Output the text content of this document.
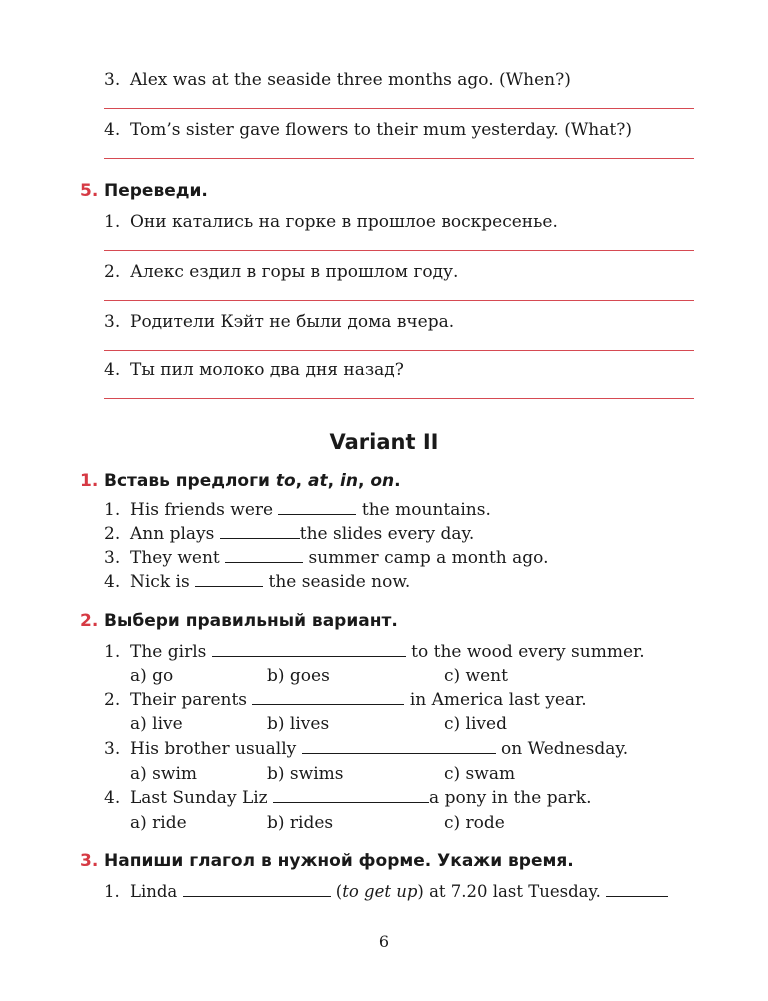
3. Alex was at the seaside three months ago. (When?)
4. Tom’s sister gave flowers to their mum yesterday. (What?)
5. Переведи.
1. Они катались на горке в прошлое воскресенье.
2. Алекс ездил в горы в прошлом году.
3. Родители Кэйт не были дома вчера.
4. Ты пил молоко два дня назад?
Variant II
1. Вставь предлоги to, at, in, on.
1. His friends were	the mountains.
2. Ann plays	the slides every day.
3. They went	summer camp a month ago.
4. Nick is	the seaside now.
2. Выбери правильный вариант.
1. The girls	to the wood every summer.
a) go	b) goes	c) went
2. Their parents	in America last year.
a) live	b) lives	c) lived
3. His brother usually	on Wednesday.
a) swim	b) swims	c) swam
4. Last Sunday Liz	a pony in the park.
a) ride	b) rides	c) rode
3. Напиши глагол в нужной форме. Укажи время.
1. Linda	(to get up) at 7.20 last Tuesday.
6
